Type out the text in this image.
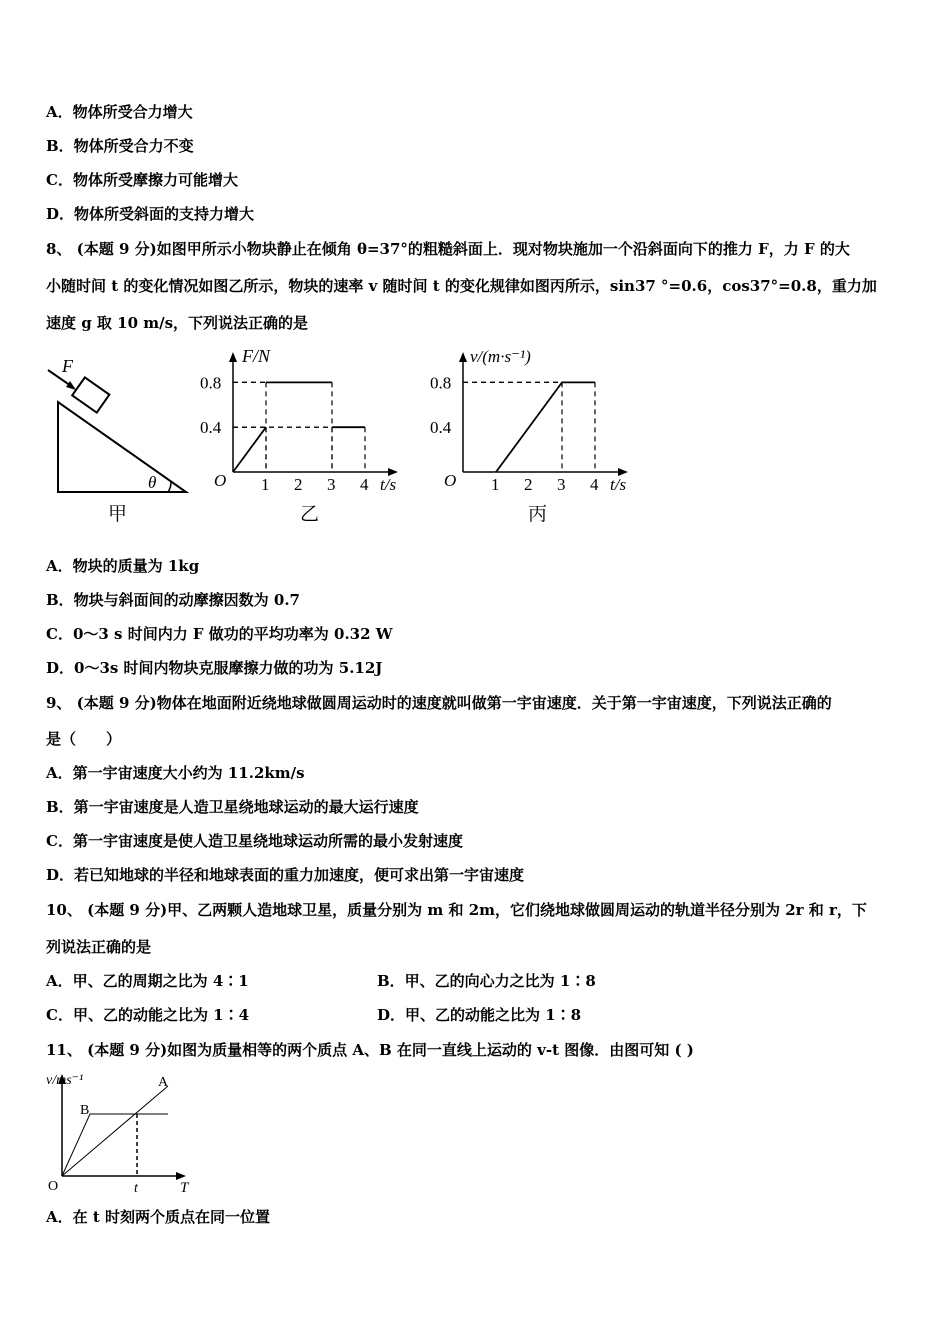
A．物体所受合力增大
B．物体所受合力不变
C．物体所受摩擦力可能增大
D．物体所受斜面的支持力增大
8、 (本题 9 分)如图甲所示小物块静止在倾角 θ=37°的粗糙斜面上．现对物块施加一个沿斜面向下的推力 F，力 F 的大
小随时间 t 的变化情况如图乙所示，物块的速率 v 随时间 t 的变化规律如图丙所示，sin37 °=0.6，cos37°=0.8，重力加
速度 g 取 10 m/s，下列说法正确的是
F
θ
甲
1 2 3 4
0.4
0.8
F/N
t/s
O
乙
1 2 3 4
0.4
0.8
v/(m·s⁻¹)
t/s
O
丙
A．物块的质量为 1kg
B．物块与斜面间的动摩擦因数为 0.7
C．0～3 s 时间内力 F 做功的平均功率为 0.32 W
D．0～3s 时间内物块克服摩擦力做的功为 5.12J
9、 (本题 9 分)物体在地面附近绕地球做圆周运动时的速度就叫做第一宇宙速度．关于第一宇宙速度，下列说法正确的
是（　　）
A．第一宇宙速度大小约为 11.2km/s
B．第一宇宙速度是人造卫星绕地球运动的最大运行速度
C．第一宇宙速度是使人造卫星绕地球运动所需的最小发射速度
D．若已知地球的半径和地球表面的重力加速度，便可求出第一宇宙速度
10、 (本题 9 分)甲、乙两颗人造地球卫星，质量分别为 m 和 2m，它们绕地球做圆周运动的轨道半径分别为 2r 和 r，下
列说法正确的是
A．甲、乙的周期之比为 4∶1	B．甲、乙的向心力之比为 1∶8
C．甲、乙的动能之比为 1∶4	D．甲、乙的动能之比为 1∶8
11、 (本题 9 分)如图为质量相等的两个质点 A、B 在同一直线上运动的 v-t 图像．由图可知 ( )
v/ms⁻¹	A
B
O	t	T
A．在 t 时刻两个质点在同一位置
